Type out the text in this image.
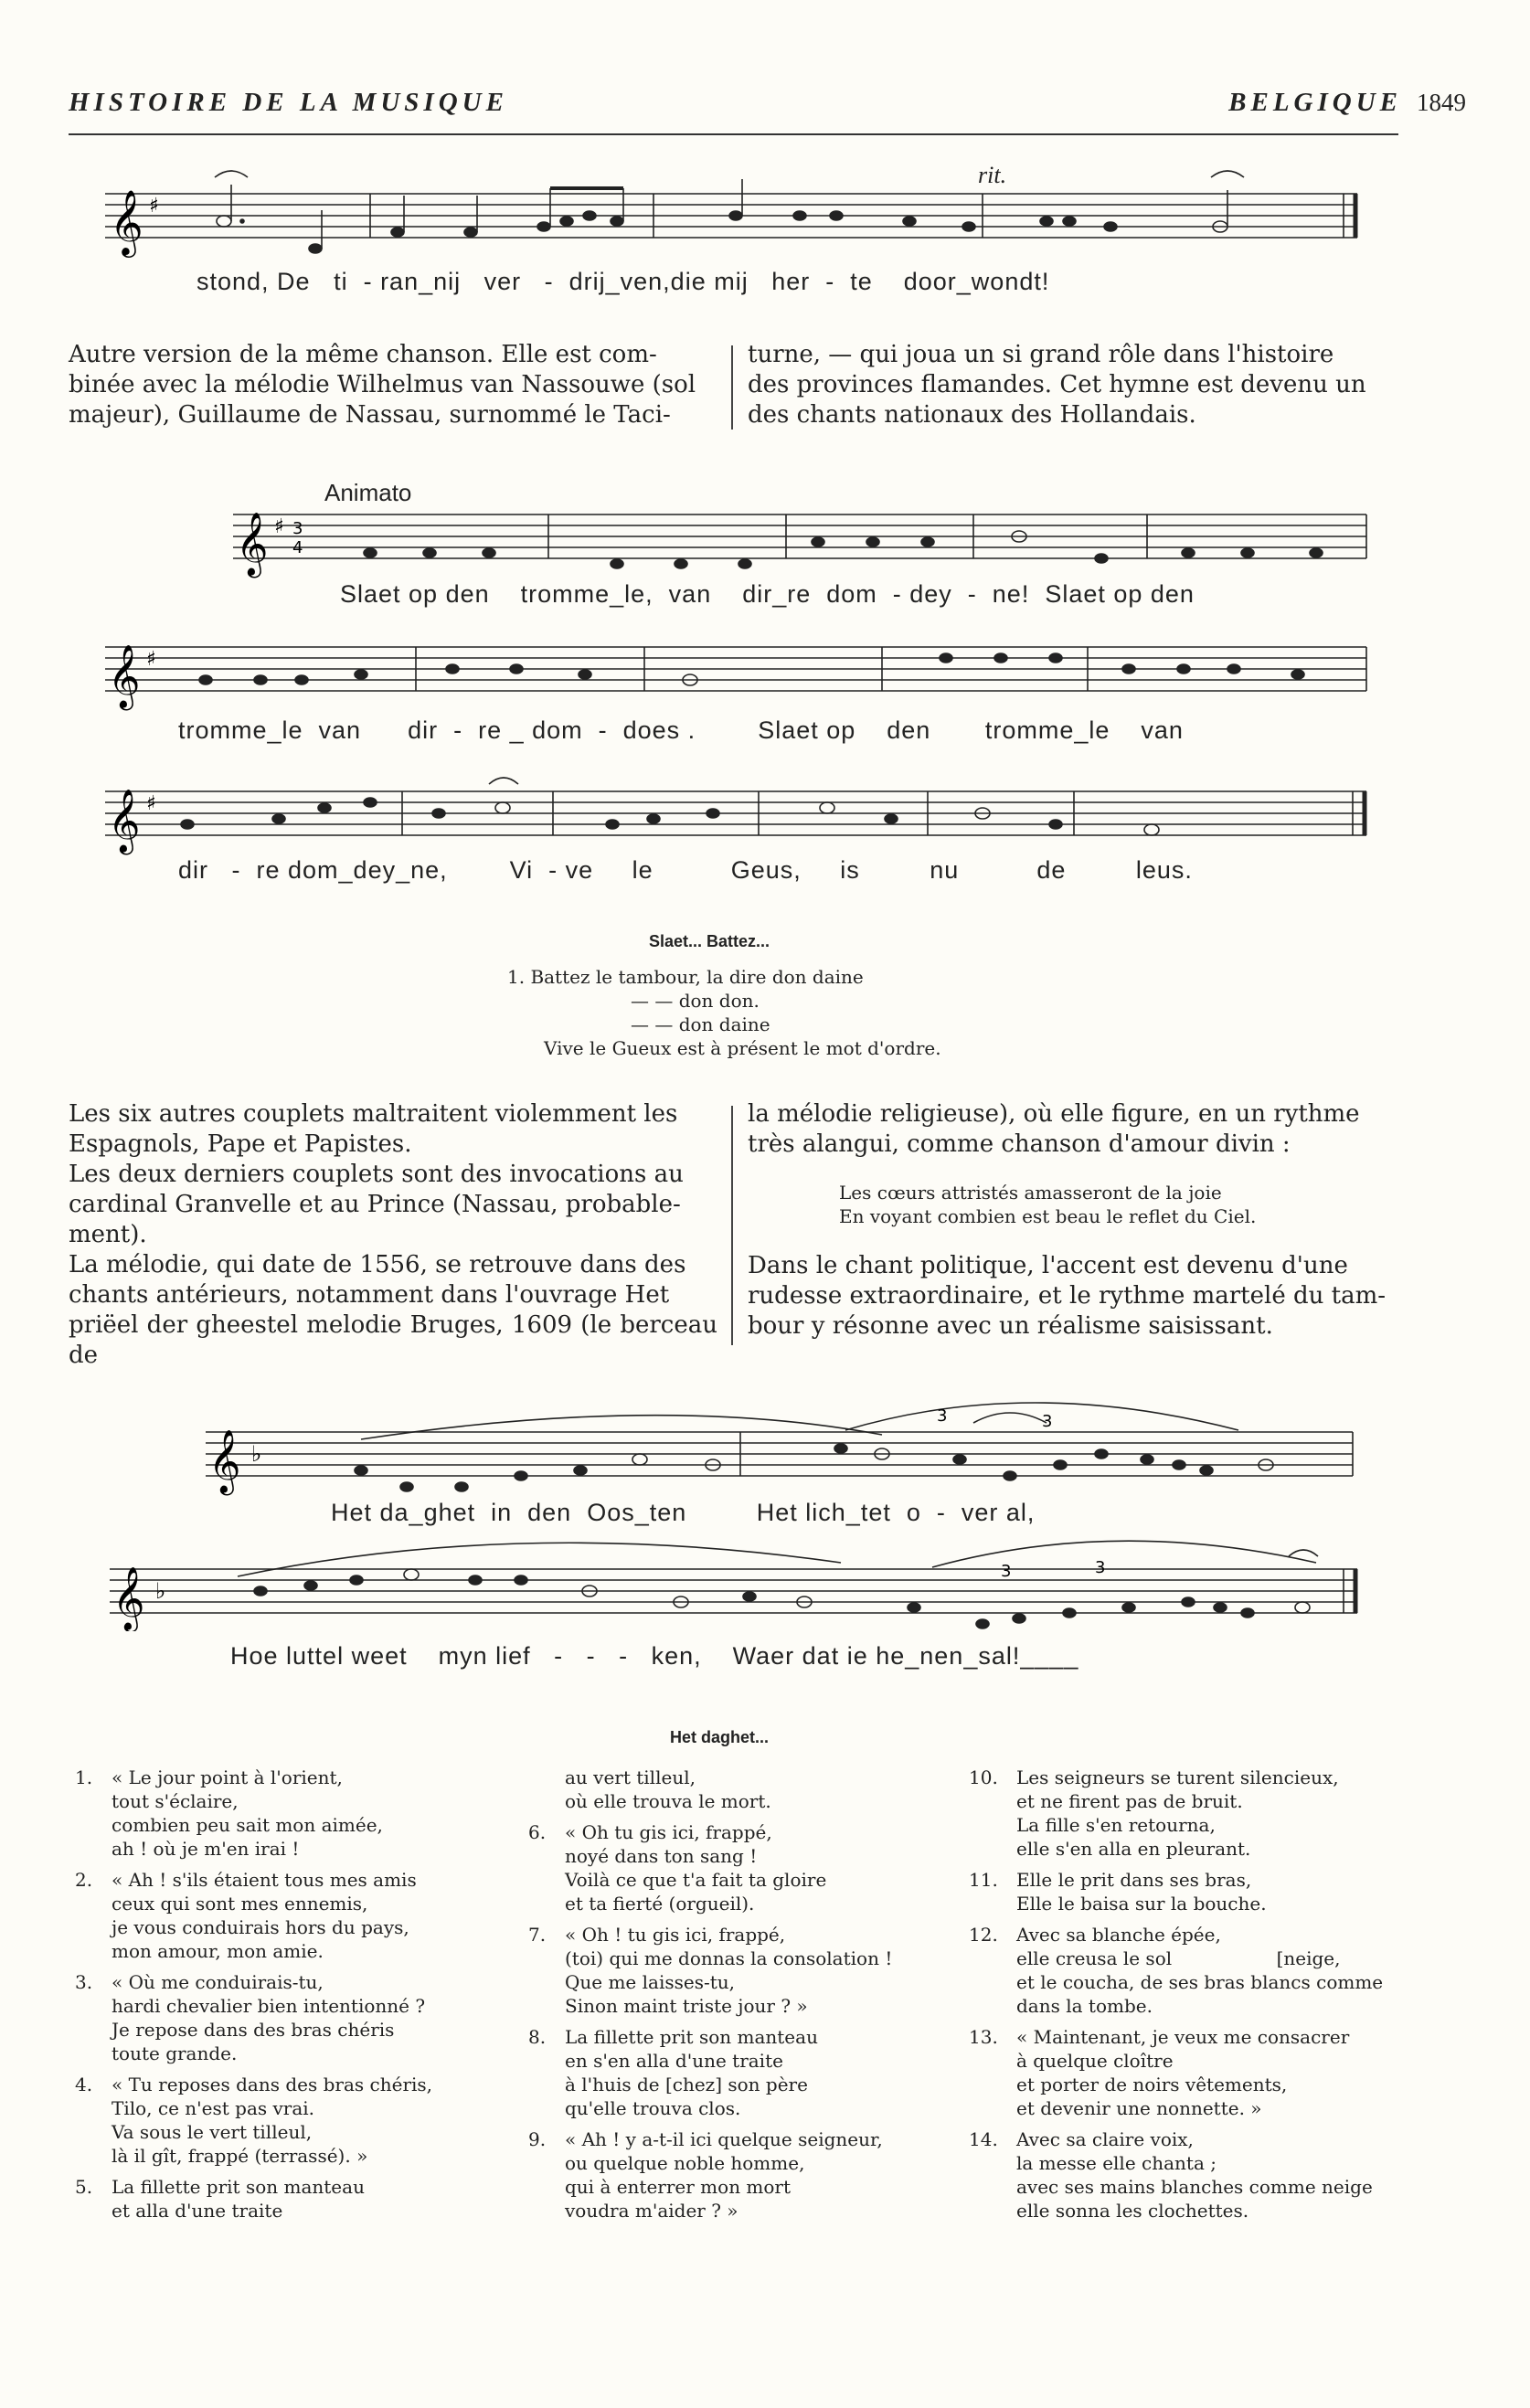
HISTOIRE DE LA MUSIQUE	BELGIQUE 1849
𝄞 ♯
rit.
stond, De   ti  - ran_nij   ver   -  drij_ven,die mij   her  -  te    door_wondt!
Autre version de la même chanson. Elle est com-
binée avec la mélodie Wilhelmus van Nassouwe (sol
majeur), Guillaume de Nassau, surnommé le Taci-
turne, — qui joua un si grand rôle dans l'histoire
des provinces flamandes. Cet hymne est devenu un
des chants nationaux des Hollandais.
Animato
𝄞 ♯ 3
4
Slaet op den    tromme_le,  van    dir_re  dom  - dey  -  ne!  Slaet op den
𝄞 ♯
tromme_le  van      dir  -  re _ dom  -  does .        Slaet op    den       tromme_le    van
𝄞 ♯
dir   -  re dom_dey_ne,        Vi  - ve     le          Geus,     is         nu          de         leus.
Slaet... Battez...
1. Battez le tambour, la dire don daine
— — don don.
— — don daine
Vive le Gueux est à présent le mot d'ordre.
Les six autres couplets maltraitent violemment les
Espagnols, Pape et Papistes.
Les deux derniers couplets sont des invocations au
cardinal Granvelle et au Prince (Nassau, probable-
ment).
La mélodie, qui date de 1556, se retrouve dans des
chants antérieurs, notamment dans l'ouvrage Het
priëel der gheestel melodie Bruges, 1609 (le berceau de
la mélodie religieuse), où elle figure, en un rythme
très alangui, comme chanson d'amour divin :
Les cœurs attristés amasseront de la joie
En voyant combien est beau le reflet du Ciel.
Dans le chant politique, l'accent est devenu d'une
rudesse extraordinaire, et le rythme martelé du tam-
bour y résonne avec un réalisme saisissant.
𝄞 ♭
3	3
Het da_ghet  in  den  Oos_ten         Het lich_tet  o  -  ver al,
𝄞 ♭
3	3
Hoe luttel weet    myn lief   -   -   -   ken,    Waer dat ie he_nen_sal!____
Het daghet...
1.	« Le jour point à l'orient,
tout s'éclaire,
combien peu sait mon aimée,
ah ! où je m'en irai !
2.	« Ah ! s'ils étaient tous mes amis
ceux qui sont mes ennemis,
je vous conduirais hors du pays,
mon amour, mon amie.
3.	« Où me conduirais-tu,
hardi chevalier bien intentionné ?
Je repose dans des bras chéris
toute grande.
4.	« Tu reposes dans des bras chéris,
Tilo, ce n'est pas vrai.
Va sous le vert tilleul,
là il gît, frappé (terrassé). »
5.	La fillette prit son manteau
et alla d'une traite
au vert tilleul,
où elle trouva le mort.
6.	« Oh tu gis ici, frappé,
noyé dans ton sang !
Voilà ce que t'a fait ta gloire
et ta fierté (orgueil).
7.	« Oh ! tu gis ici, frappé,
(toi) qui me donnas la consolation !
Que me laisses-tu,
Sinon maint triste jour ? »
8.	La fillette prit son manteau
en s'en alla d'une traite
à l'huis de [chez] son père
qu'elle trouva clos.
9.	« Ah ! y a-t-il ici quelque seigneur,
ou quelque noble homme,
qui à enterrer mon mort
voudra m'aider ? »
10.	Les seigneurs se turent silencieux,
et ne firent pas de bruit.
La fille s'en retourna,
elle s'en alla en pleurant.
11.	Elle le prit dans ses bras,
Elle le baisa sur la bouche.
12.	Avec sa blanche épée,
elle creusa le sol                  [neige,
et le coucha, de ses bras blancs comme
dans la tombe.
13.	« Maintenant, je veux me consacrer
à quelque cloître
et porter de noirs vêtements,
et devenir une nonnette. »
14.	Avec sa claire voix,
la messe elle chanta ;
avec ses mains blanches comme neige
elle sonna les clochettes.
